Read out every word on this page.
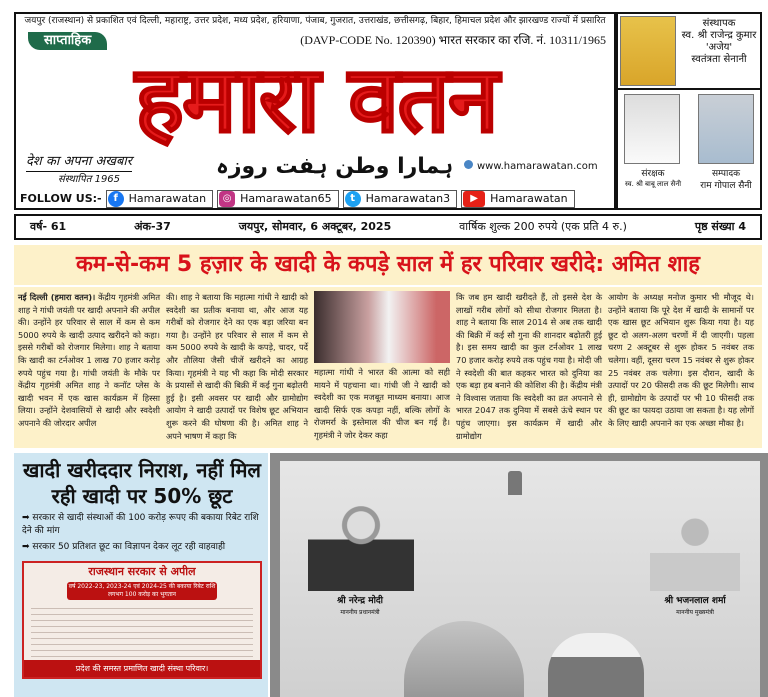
जयपुर (राजस्थान) से प्रकाशित एवं दिल्ली, महाराष्ट्र, उत्तर प्रदेश, मध्य प्रदेश, हरियाणा, पंजाब, गुजरात, उत्तराखंड, छत्तीसगढ़, बिहार, हिमाचल प्रदेश और झारखण्ड राज्यों में प्रसारित
साप्ताहिक	(DAVP-CODE No. 120390) भारत सरकार का रजि. नं. 10311/1965
हमारा वतन
देश का अपना अखबार
संस्थापित 1965
ہمارا وطن ہفت روزہ	www.hamarawatan.com
FOLLOW US:-	f Hamarawatan	◎ Hamarawatan65	t Hamarawatan3	▶	Hamarawatan
संस्थापक
स्व. श्री राजेन्द्र कुमार 'अजेय'
स्वतंत्रता सेनानी
संरक्षक
स्व. श्री बाबू लाल सैनी
सम्पादक
राम गोपाल सैनी
वर्ष- 61	अंक-37	जयपुर, सोमवार, 6 अक्टूबर, 2025	वार्षिक शुल्क 200 रुपये (एक प्रति 4 रु.)	पृष्ठ संख्या 4
कम-से-कम 5 हज़ार के खादी के कपड़े साल में हर परिवार खरीदे: अमित शाह
नई दिल्ली (हमारा वतन)। केंद्रीय गृहमंत्री अमित शाह ने गांधी जयंती पर खादी अपनाने की अपील की। उन्होंने हर परिवार से साल में कम से कम 5000 रुपये के खादी उत्पाद खरीदने को कहा। इससे गरीबों को रोजगार मिलेगा। शाह ने बताया कि खादी का टर्नओवर 1 लाख 70 हजार करोड़ रुपये पहुंच गया है। गांधी जयंती के मौके पर केंद्रीय गृहमंत्री अमित शाह ने कनॉट प्लेस के खादी भवन में एक खास कार्यक्रम में हिस्सा लिया। उन्होंने देशवासियों से खादी और स्वदेशी अपनाने की जोरदार अपील
की। शाह ने बताया कि महात्मा गांधी ने खादी को स्वदेशी का प्रतीक बनाया था, और आज यह गरीबों को रोजगार देने का एक बड़ा जरिया बन गया है। उन्होंने हर परिवार से साल में कम से कम 5000 रुपये के खादी के कपड़े, चादर, पर्दे और तौलिया जैसी चीजें खरीदने का आग्रह किया। गृहमंत्री ने यह भी कहा कि मोदी सरकार के प्रयासों से खादी की बिक्री में कई गुना बढ़ोतरी हुई है। इसी अवसर पर खादी और ग्रामोद्योग आयोग ने खादी उत्पादों पर विशेष छूट अभियान शुरू करने की घोषणा की है। अमित शाह ने अपने भाषण में कहा कि
महात्मा गांधी ने भारत की आत्मा को सही मायने में पहचाना था। गांधी जी ने खादी को स्वदेशी का एक मजबूत माध्यम बनाया। आज खादी सिर्फ एक कपड़ा नहीं, बल्कि लोगों के रोजमर्रा के इस्तेमाल की चीज बन गई है। गृहमंत्री ने जोर देकर कहा
कि जब हम खादी खरीदते हैं, तो इससे देश के लाखों गरीब लोगों को सीधा रोजगार मिलता है। शाह ने बताया कि साल 2014 से अब तक खादी की बिक्री में कई सौ गुना की शानदार बढ़ोतरी हुई है। इस समय खादी का कुल टर्नओवर 1 लाख 70 हजार करोड़ रुपये तक पहुंच गया है। मोदी जी ने स्वदेशी की बात कहकर भारत को दुनिया का एक बड़ा हब बनाने की कोशिश की है। केंद्रीय मंत्री ने विश्वास जताया कि स्वदेशी का व्रत अपनाने से भारत 2047 तक दुनिया में सबसे ऊंचे स्थान पर पहुंच जाएगा। इस कार्यक्रम में खादी और ग्रामोद्योग
आयोग के अध्यक्ष मनोज कुमार भी मौजूद थे। उन्होंने बताया कि पूरे देश में खादी के सामानों पर एक खास छूट अभियान शुरू किया गया है। यह छूट दो अलग-अलग चरणों में दी जाएगी। पहला चरण 2 अक्टूबर से शुरू होकर 5 नवंबर तक चलेगा। वहीं, दूसरा चरण 15 नवंबर से शुरू होकर 25 नवंबर तक चलेगा। इस दौरान, खादी के उत्पादों पर 20 फीसदी तक की छूट मिलेगी। साथ ही, ग्रामोद्योग के उत्पादों पर भी 10 फीसदी तक की छूट का फायदा उठाया जा सकता है। यह लोगों के लिए खादी अपनाने का एक अच्छा मौका है।
खादी खरीददार निराश, नहीं मिल रही खादी पर 50% छूट
➡ सरकार से खादी संस्थाओं की 100 करोड़ रूपए की बकाया रिबेट राशि देने की मांग
➡ सरकार 50 प्रतिशत छूट का विज्ञापन देकर लूट रही वाहवाही
राजस्थान सरकार से अपील
वर्ष 2022-23, 2023-24 एवं 2024-25 की बकाया रिबेट राशि लगभग 100 करोड़ का भुगतान
प्रदेश की समस्त प्रमाणित खादी संस्था परिवार।
श्री नरेन्द्र मोदी
माननीय प्रधानमंत्री
श्री भजनलाल शर्मा
माननीय मुख्यमंत्री
